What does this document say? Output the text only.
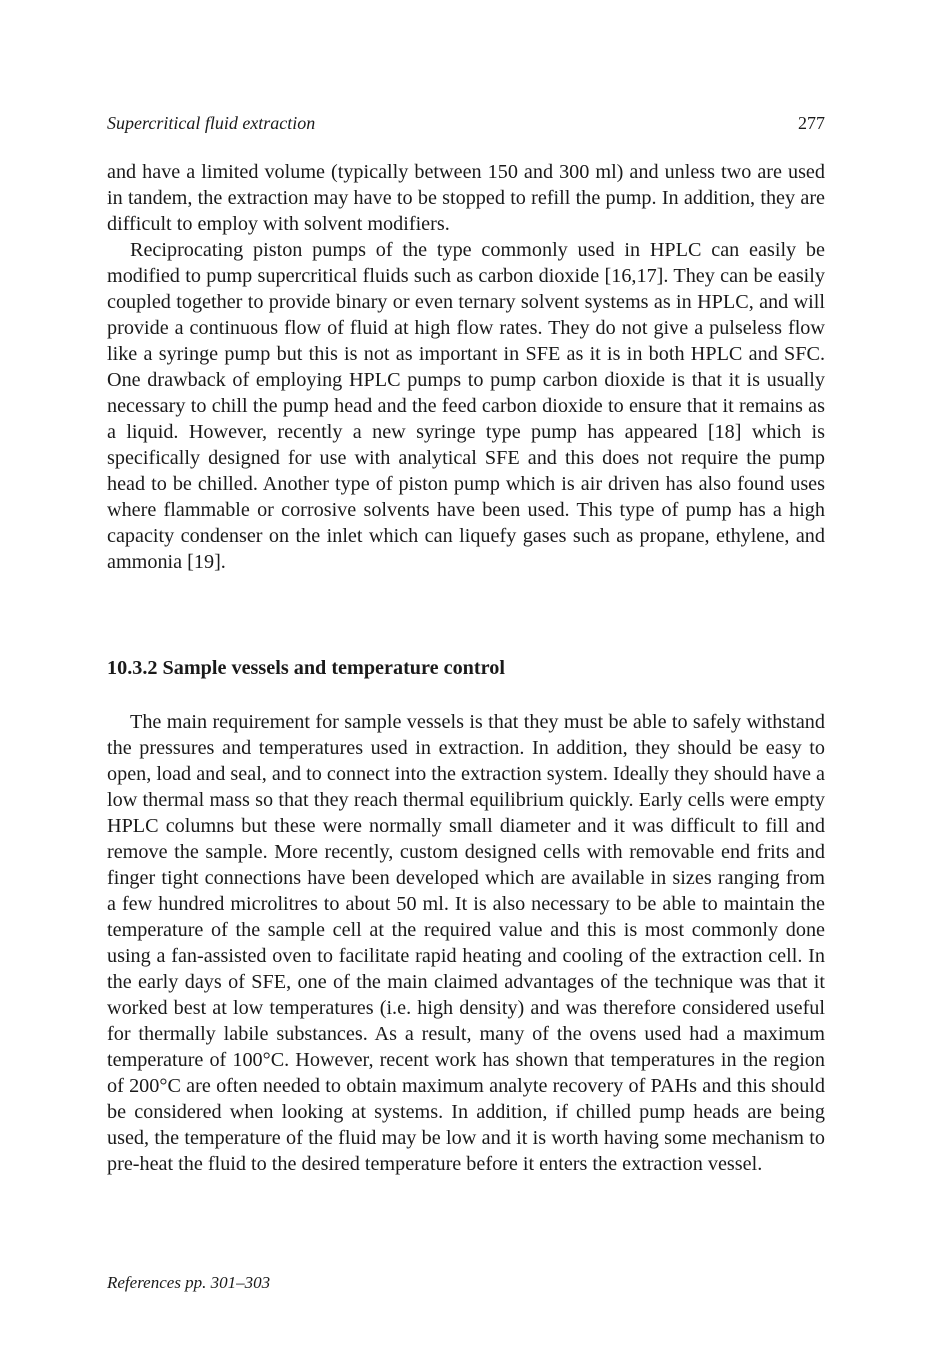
Supercritical fluid extraction	277

and have a limited volume (typically between 150 and 300 ml) and unless two are used in tandem, the extraction may have to be stopped to refill the pump. In addition, they are difficult to employ with solvent modifiers.

Reciprocating piston pumps of the type commonly used in HPLC can easily be modified to pump supercritical fluids such as carbon dioxide [16,17]. They can be easily coupled together to provide binary or even ternary solvent systems as in HPLC, and will provide a continuous flow of fluid at high flow rates. They do not give a pulseless flow like a syringe pump but this is not as important in SFE as it is in both HPLC and SFC. One drawback of employing HPLC pumps to pump carbon dioxide is that it is usually necessary to chill the pump head and the feed carbon dioxide to ensure that it remains as a liquid. However, recently a new syringe type pump has appeared [18] which is specifically designed for use with analytical SFE and this does not require the pump head to be chilled. Another type of piston pump which is air driven has also found uses where flammable or corrosive solvents have been used. This type of pump has a high capacity condenser on the inlet which can liquefy gases such as propane, ethylene, and ammonia [19].

10.3.2 Sample vessels and temperature control

The main requirement for sample vessels is that they must be able to safely withstand the pressures and temperatures used in extraction. In addition, they should be easy to open, load and seal, and to connect into the extraction system. Ideally they should have a low thermal mass so that they reach thermal equilibrium quickly. Early cells were empty HPLC columns but these were normally small diameter and it was difficult to fill and remove the sample. More recently, custom designed cells with removable end frits and finger tight connections have been developed which are available in sizes ranging from a few hundred microlitres to about 50 ml. It is also necessary to be able to maintain the temperature of the sample cell at the required value and this is most commonly done using a fan-assisted oven to facilitate rapid heating and cooling of the extraction cell. In the early days of SFE, one of the main claimed advantages of the technique was that it worked best at low temperatures (i.e. high density) and was therefore considered useful for thermally labile substances. As a result, many of the ovens used had a maximum temperature of 100°C. However, recent work has shown that temperatures in the region of 200°C are often needed to obtain maximum analyte recovery of PAHs and this should be considered when looking at systems. In addition, if chilled pump heads are being used, the temperature of the fluid may be low and it is worth having some mechanism to pre-heat the fluid to the desired temperature before it enters the extraction vessel.

References pp. 301–303
